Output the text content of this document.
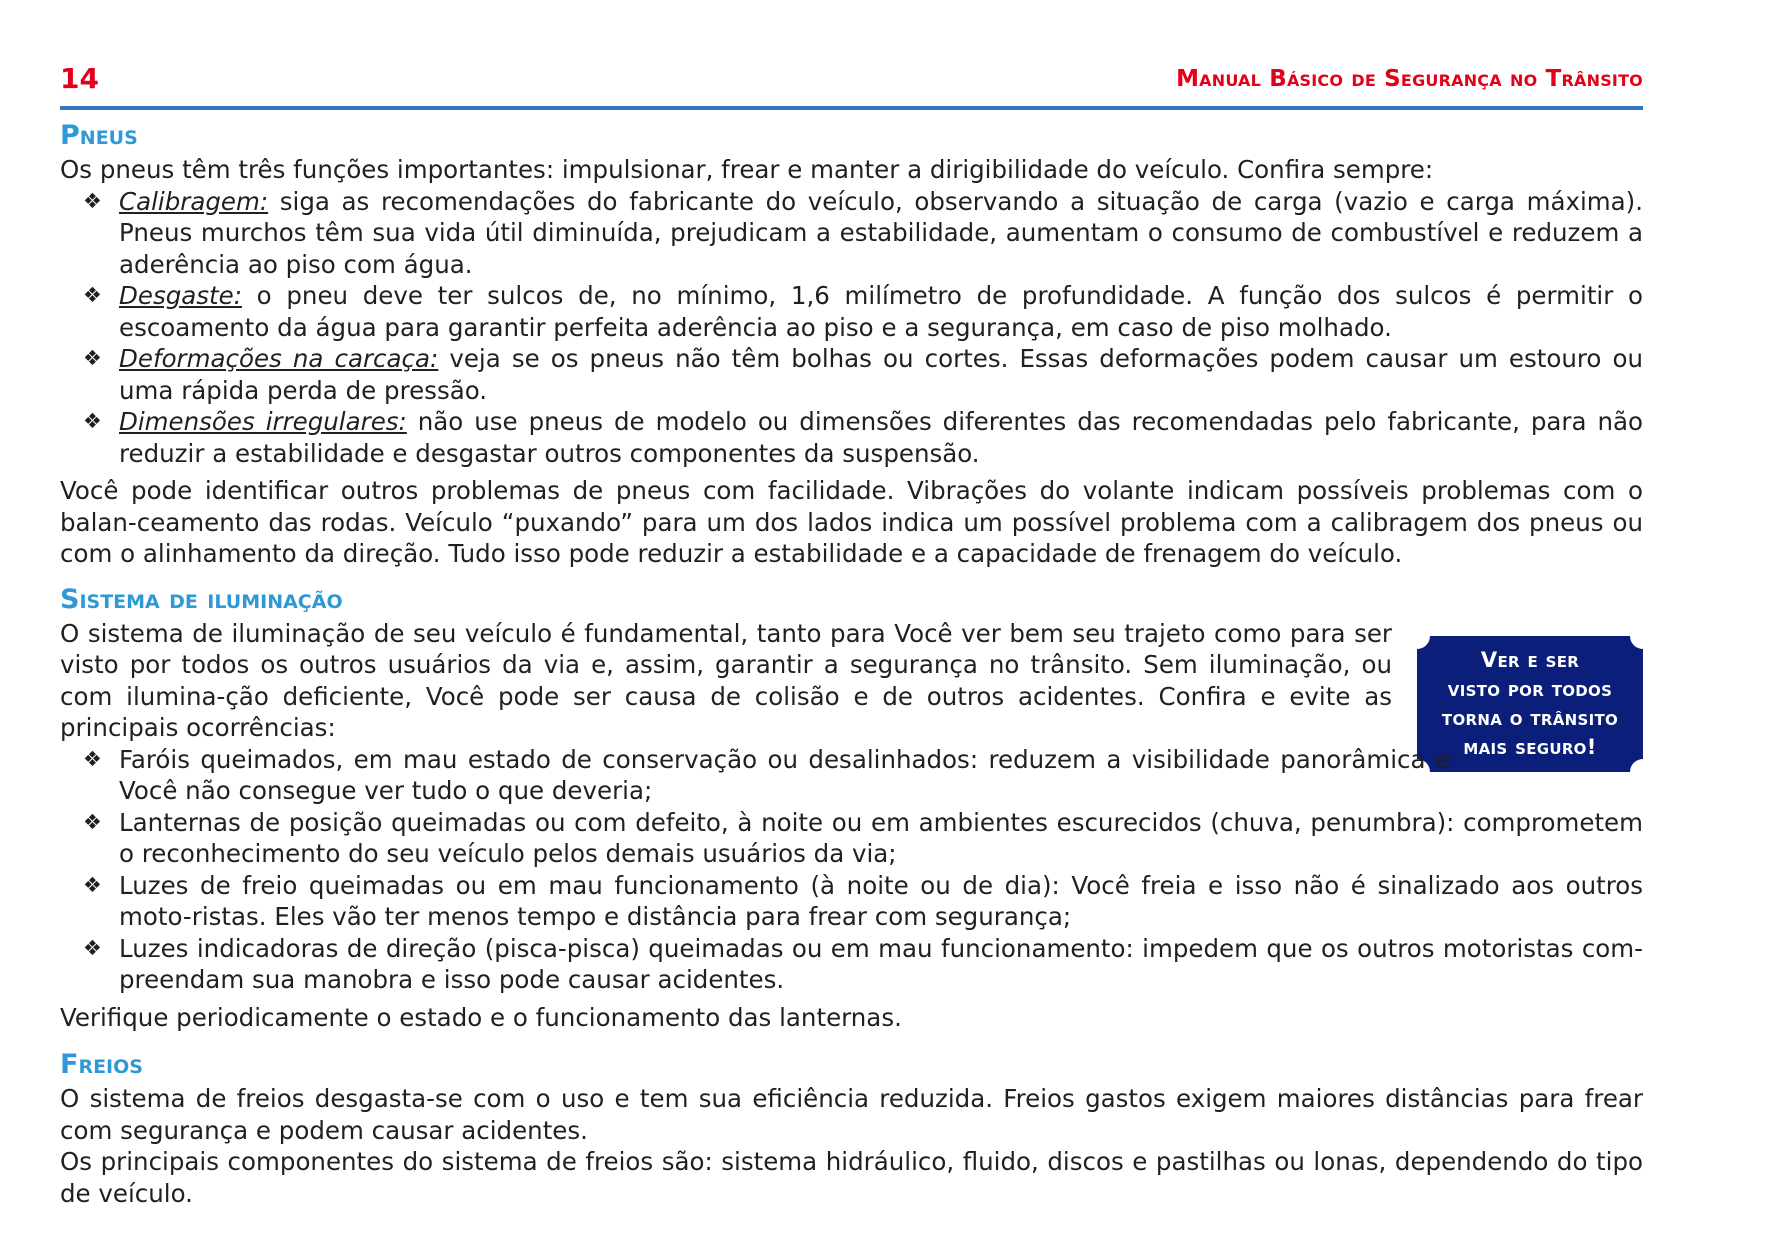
14	Manual Básico de Segurança no Trânsito
Pneus

Os pneus têm três funções importantes: impulsionar, frear e manter a dirigibilidade do veículo. Confira sempre:

❖ Calibragem: siga as recomendações do fabricante do veículo, observando a situação de carga (vazio e carga máxima). Pneus murchos têm sua vida útil diminuída, prejudicam a estabilidade, aumentam o consumo de combustível e reduzem a aderência ao piso com água.
❖ Desgaste: o pneu deve ter sulcos de, no mínimo, 1,6 milímetro de profundidade. A função dos sulcos é permitir o escoamento da água para garantir perfeita aderência ao piso e a segurança, em caso de piso molhado.
❖ Deformações na carcaça: veja se os pneus não têm bolhas ou cortes. Essas deformações podem causar um estouro ou uma rápida perda de pressão.
❖ Dimensões irregulares: não use pneus de modelo ou dimensões diferentes das recomendadas pelo fabricante, para não reduzir a estabilidade e desgastar outros componentes da suspensão.

Você pode identificar outros problemas de pneus com facilidade. Vibrações do volante indicam possíveis problemas com o balan-ceamento das rodas. Veículo “puxando” para um dos lados indica um possível problema com a calibragem dos pneus ou com o alinhamento da direção. Tudo isso pode reduzir a estabilidade e a capacidade de frenagem do veículo.

Sistema de iluminação
Ver e ser
visto por todos
torna o trânsito
mais seguro!

O sistema de iluminação de seu veículo é fundamental, tanto para Você ver bem seu trajeto como para ser visto por todos os outros usuários da via e, assim, garantir a segurança no trânsito. Sem iluminação, ou com ilumina-ção deficiente, Você pode ser causa de colisão e de outros acidentes. Confira e evite as principais ocorrências:

❖ Faróis queimados, em mau estado de conservação ou desalinhados: reduzem a visibilidade panorâmica e Você não consegue ver tudo o que deveria;
❖ Lanternas de posição queimadas ou com defeito, à noite ou em ambientes escurecidos (chuva, penumbra): comprometem o reconhecimento do seu veículo pelos demais usuários da via;
❖ Luzes de freio queimadas ou em mau funcionamento (à noite ou de dia): Você freia e isso não é sinalizado aos outros moto-ristas. Eles vão ter menos tempo e distância para frear com segurança;
❖ Luzes indicadoras de direção (pisca-pisca) queimadas ou em mau funcionamento: impedem que os outros motoristas com-preendam sua manobra e isso pode causar acidentes.

Verifique periodicamente o estado e o funcionamento das lanternas.

Freios

O sistema de freios desgasta-se com o uso e tem sua eficiência reduzida. Freios gastos exigem maiores distâncias para frear com segurança e podem causar acidentes.

Os principais componentes do sistema de freios são: sistema hidráulico, fluido, discos e pastilhas ou lonas, dependendo do tipo de veículo.
